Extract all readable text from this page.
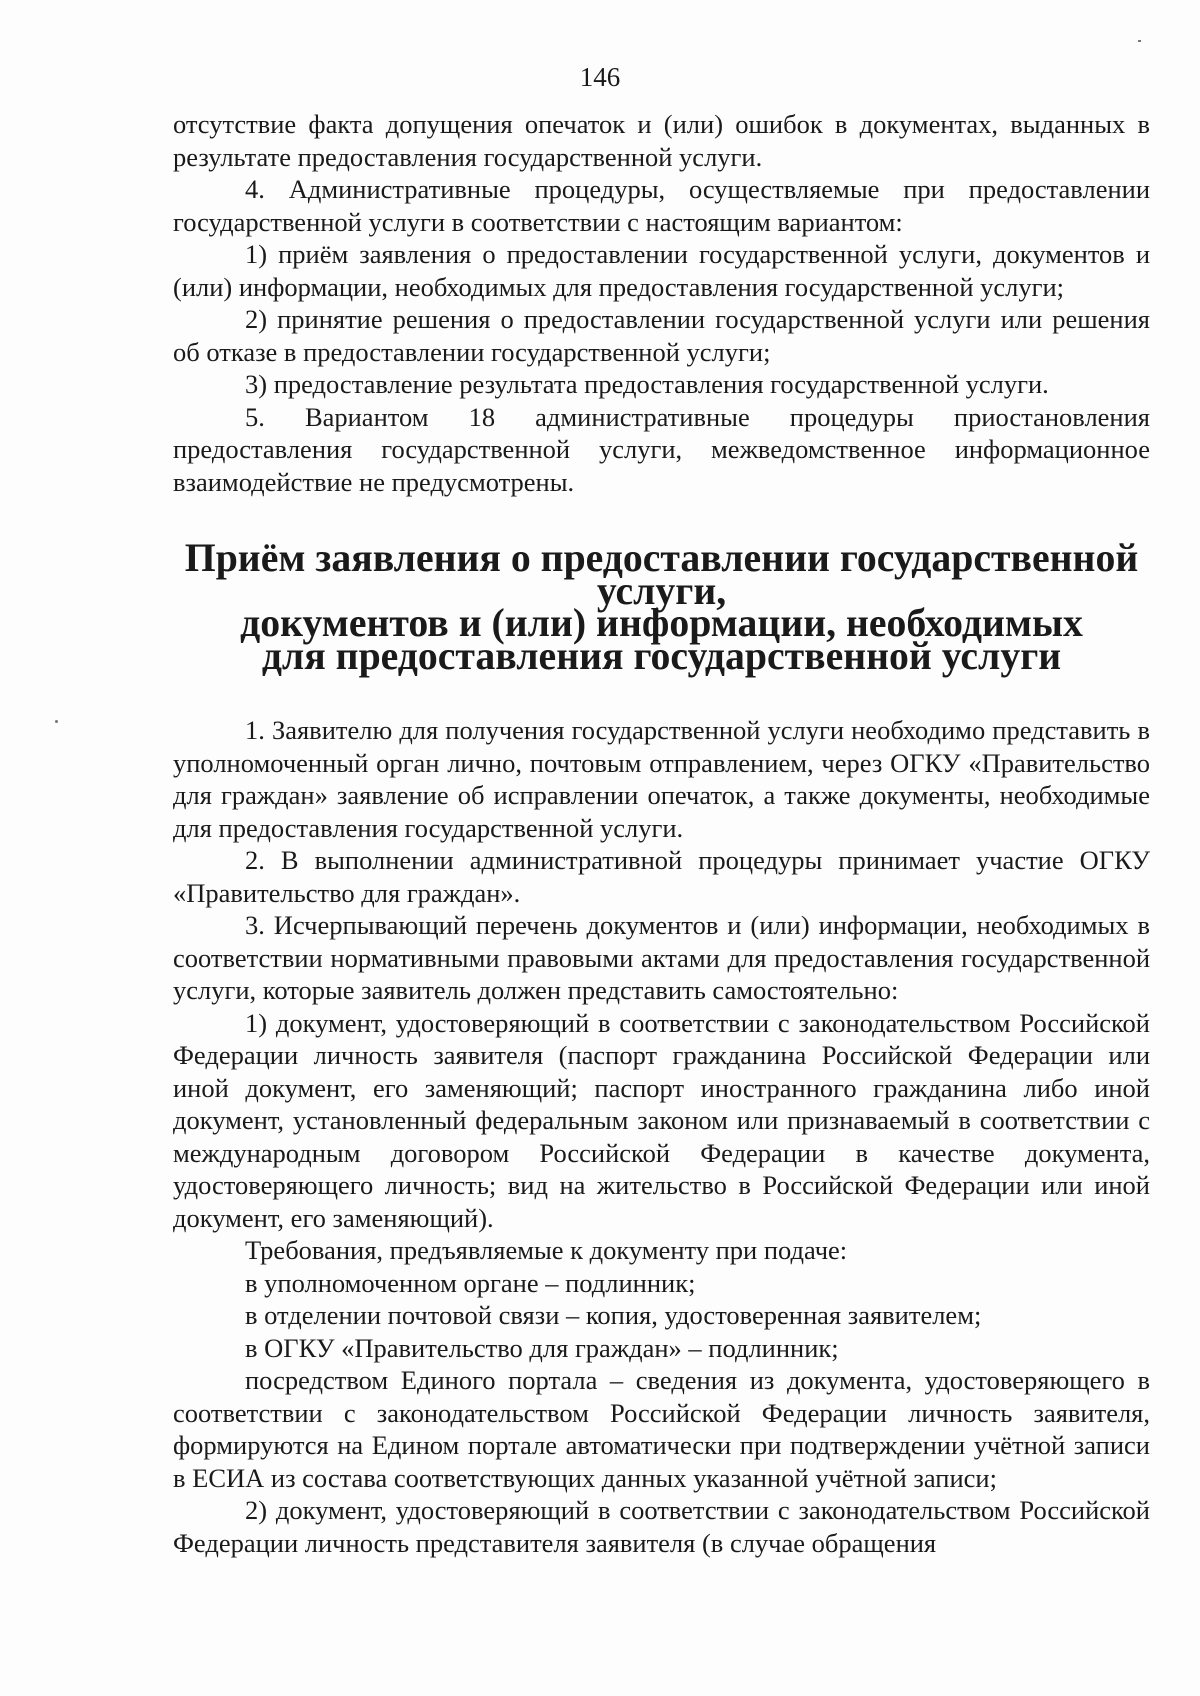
146

отсутствие факта допущения опечаток и (или) ошибок в документах, выданных в результате предоставления государственной услуги.

4. Административные процедуры, осуществляемые при предоставлении государственной услуги в соответствии с настоящим вариантом:

1) приём заявления о предоставлении государственной услуги, документов и (или) информации, необходимых для предоставления государственной услуги;

2) принятие решения о предоставлении государственной услуги или решения об отказе в предоставлении государственной услуги;

3) предоставление результата предоставления государственной услуги.

5. Вариантом 18 административные процедуры приостановления предоставления государственной услуги, межведомственное информационное взаимодействие не предусмотрены.

Приём заявления о предоставлении государственной услуги,
документов и (или) информации, необходимых
для предоставления государственной услуги

1. Заявителю для получения государственной услуги необходимо представить в уполномоченный орган лично, почтовым отправлением, через ОГКУ «Правительство для граждан» заявление об исправлении опечаток, а также документы, необходимые для предоставления государственной услуги.

2. В выполнении административной процедуры принимает участие ОГКУ «Правительство для граждан».

3. Исчерпывающий перечень документов и (или) информации, необходимых в соответствии нормативными правовыми актами для предоставления государственной услуги, которые заявитель должен представить самостоятельно:

1) документ, удостоверяющий в соответствии с законодательством Российской Федерации личность заявителя (паспорт гражданина Российской Федерации или иной документ, его заменяющий; паспорт иностранного гражданина либо иной документ, установленный федеральным законом или признаваемый в соответствии с международным договором Российской Федерации в качестве документа, удостоверяющего личность; вид на жительство в Российской Федерации или иной документ, его заменяющий).

Требования, предъявляемые к документу при подаче:

в уполномоченном органе – подлинник;

в отделении почтовой связи – копия, удостоверенная заявителем;

в ОГКУ «Правительство для граждан» – подлинник;

посредством Единого портала – сведения из документа, удостоверяющего в соответствии с законодательством Российской Федерации личность заявителя, формируются на Едином портале автоматически при подтверждении учётной записи в ЕСИА из состава соответствующих данных указанной учётной записи;

2) документ, удостоверяющий в соответствии с законодательством Российской Федерации личность представителя заявителя (в случае обращения
